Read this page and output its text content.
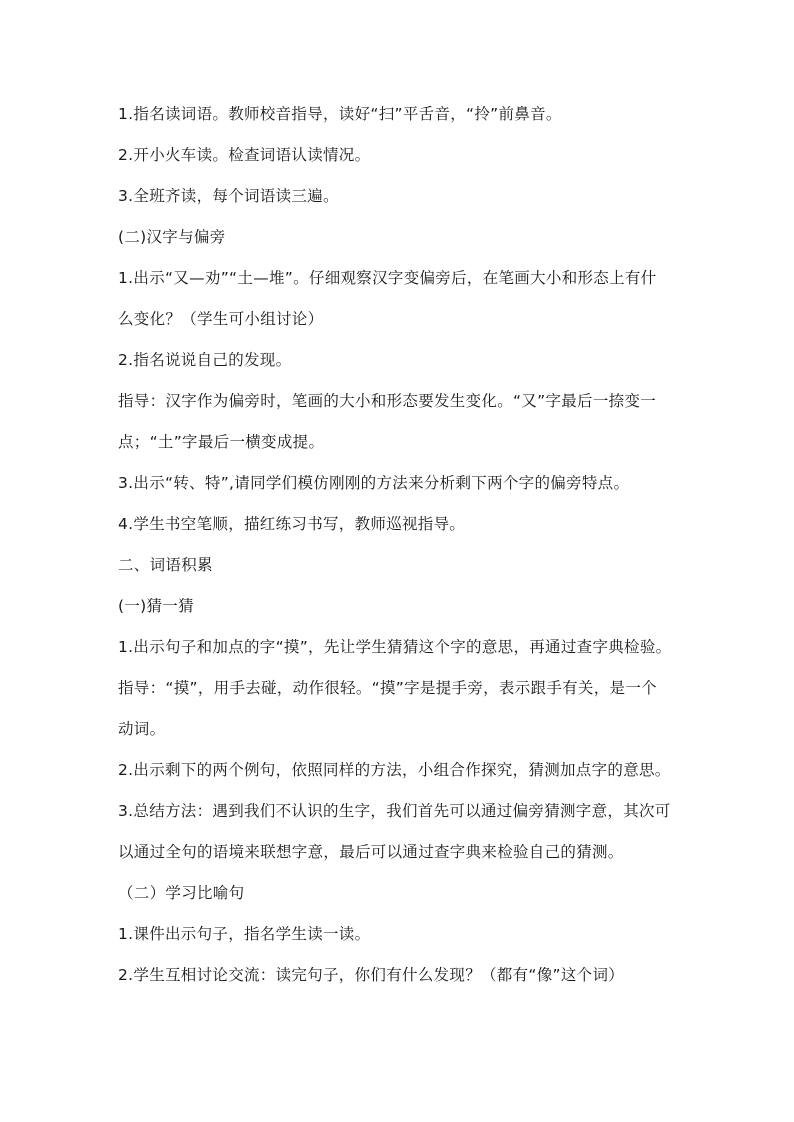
1.指名读词语。教师校音指导，读好“扫”平舌音，“拎”前鼻音。
2.开小火车读。检查词语认读情况。
3.全班齐读，每个词语读三遍。
(二)汉字与偏旁
1.出示“又—劝”“土—堆”。仔细观察汉字变偏旁后，在笔画大小和形态上有什
么变化？（学生可小组讨论）
2.指名说说自己的发现。
指导：汉字作为偏旁时，笔画的大小和形态要发生变化。“又”字最后一捺变一
点；“土”字最后一横变成提。
3.出示“转、特”,请同学们模仿刚刚的方法来分析剩下两个字的偏旁特点。
4.学生书空笔顺，描红练习书写，教师巡视指导。
二、词语积累
(一)猜一猜
1.出示句子和加点的字“摸”，先让学生猜猜这个字的意思，再通过查字典检验。
指导：“摸”，用手去碰，动作很轻。“摸”字是提手旁，表示跟手有关，是一个
动词。
2.出示剩下的两个例句，依照同样的方法，小组合作探究，猜测加点字的意思。
3.总结方法：遇到我们不认识的生字，我们首先可以通过偏旁猜测字意，其次可
以通过全句的语境来联想字意，最后可以通过查字典来检验自己的猜测。
（二）学习比喻句
1.课件出示句子，指名学生读一读。
2.学生互相讨论交流：读完句子，你们有什么发现？（都有“像”这个词）
